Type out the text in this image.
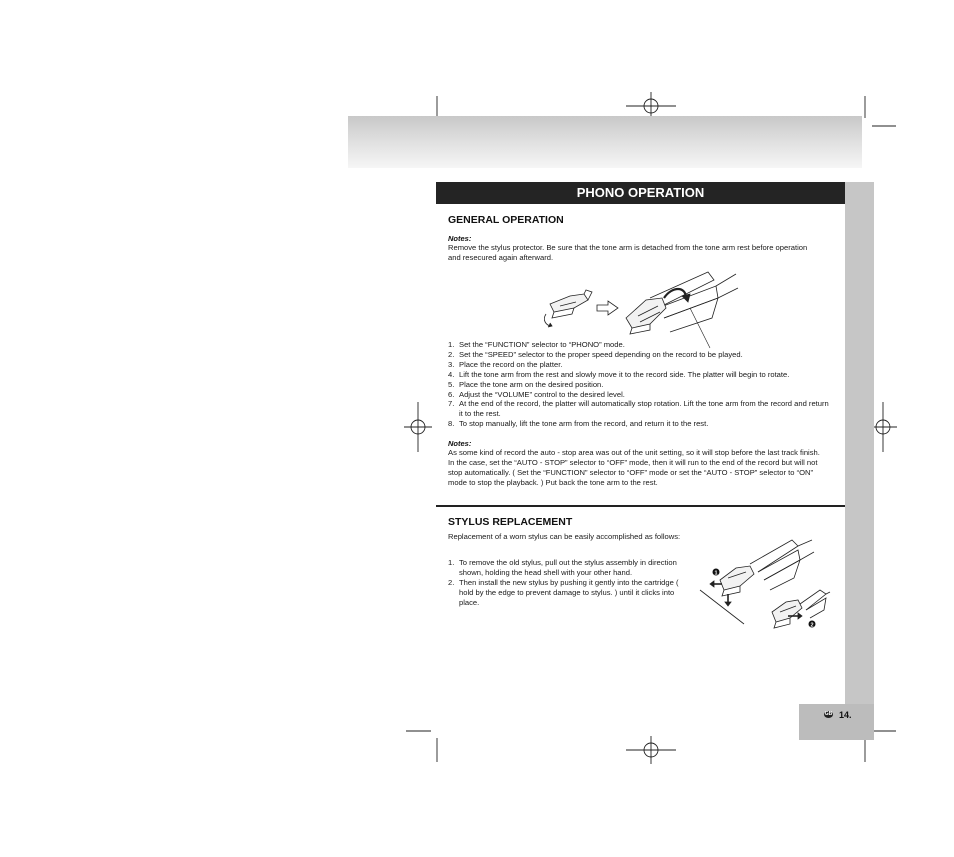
GB 14.
PHONO OPERATION
GENERAL OPERATION
Notes:
Remove the stylus protector. Be sure that the tone arm is detached from the tone arm rest before operation and resecured again afterward.
1. Set the “FUNCTION” selector to “PHONO” mode.
2. Set the “SPEED” selector to the proper speed depending on the record to be played.
3. Place the record on the platter.
4. Lift the tone arm from the rest and slowly move it to the record side. The platter will begin to rotate.
5. Place the tone arm on the desired position.
6. Adjust the “VOLUME” control to the desired level.
7. At the end of the record, the platter will automatically stop rotation. Lift the tone arm from the record and return it to the rest.
8. To stop manually, lift the tone arm from the record, and return it to the rest.
Notes:
As some kind of record the auto - stop area was out of the unit setting, so it will stop before the last track finish. In the case, set the “AUTO - STOP” selector to “OFF” mode, then it will run to the end of the record but will not stop automatically. ( Set the “FUNCTION” selector to “OFF” mode or set the “AUTO - STOP” selector to “ON” mode to stop the playback. ) Put back the tone arm to the rest.
STYLUS REPLACEMENT
Replacement of a worn stylus can be easily accomplished as follows:
1. To remove the old stylus, pull out the stylus assembly in direction shown, holding the head shell with your other hand.
2. Then install the new stylus by pushing it gently into the cartridge ( hold by the edge to prevent damage to stylus. ) until it clicks into place.
1
2
